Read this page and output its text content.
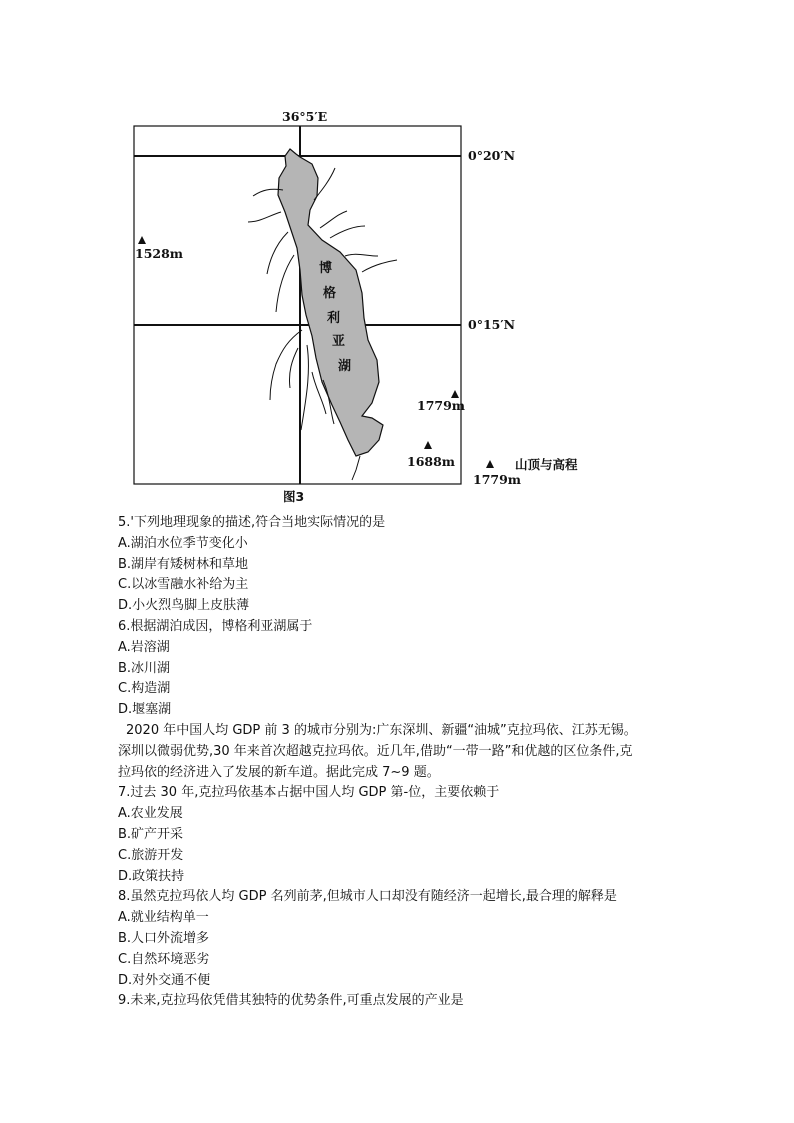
36°5′E
0°20′N
0°15′N
博
格
利
亚
湖
1528m
1779m
1688m	山顶与高程
1779m
图3
5.'下列地理现象的描述,符合当地实际情况的是
A.湖泊水位季节变化小
B.湖岸有矮树林和草地
C.以冰雪融水补给为主
D.小火烈鸟脚上皮肤薄
6.根据湖泊成因，博格利亚湖属于
A.岩溶湖
B.冰川湖
C.构造湖
D.堰塞湖
2020 年中国人均 GDP 前 3 的城市分别为:广东深圳、新疆“油城”克拉玛依、江苏无锡。
深圳以微弱优势,30 年来首次超越克拉玛依。近几年,借助“一带一路”和优越的区位条件,克
拉玛依的经济进入了发展的新车道。据此完成 7~9 题。
7.过去 30 年,克拉玛依基本占据中国人均 GDP 第-位，主要依赖于
A.农业发展
B.矿产开采
C.旅游开发
D.政策扶持
8.虽然克拉玛依人均 GDP 名列前茅,但城市人口却没有随经济一起增长,最合理的解释是
A.就业结构单一
B.人口外流增多
C.自然环境恶劣
D.对外交通不便
9.未来,克拉玛依凭借其独特的优势条件,可重点发展的产业是
